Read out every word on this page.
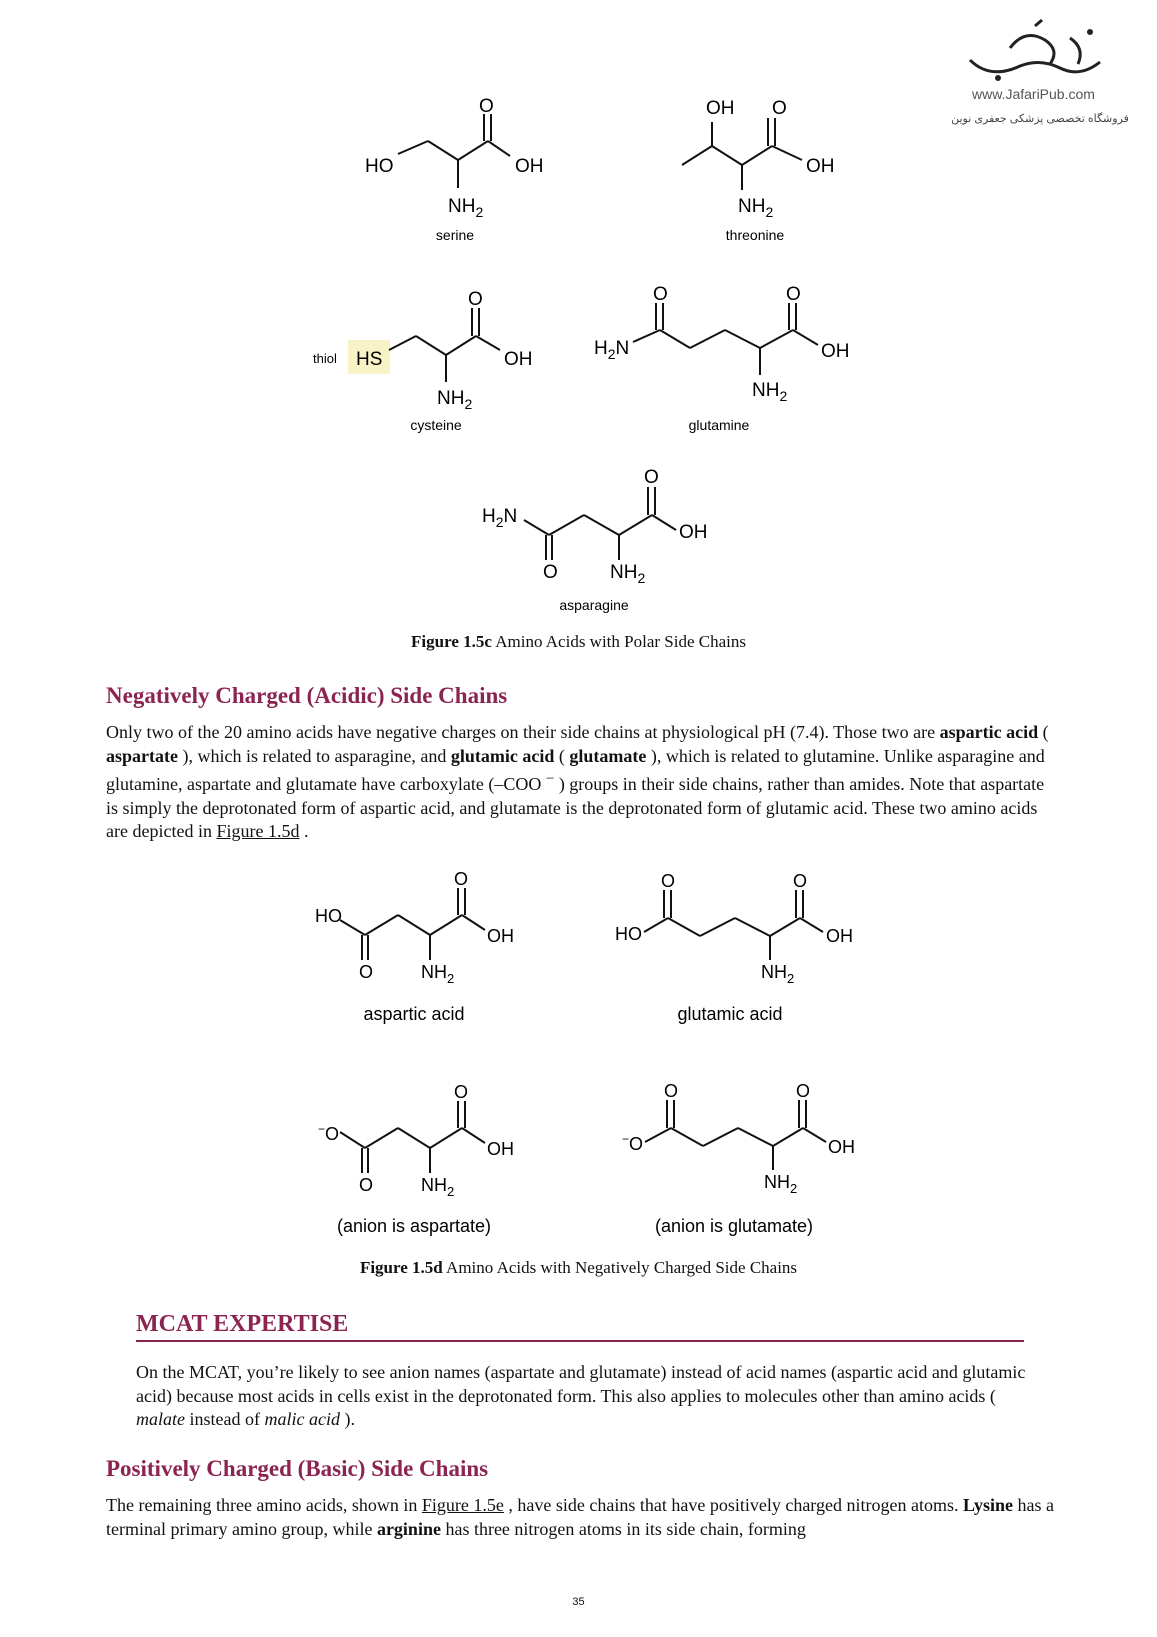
www.JafariPub.com
فروشگاه تخصصی پزشکی جعفری نوین
HO
O
OH
$NH_2$
serine
OH O
OH
$NH_2$
threonine
thiol HS
O
OH
$NH_2$
cysteine
$H_2N$
O	O
OH
$NH_2$
glutamine
$H_2N$
O
O
OH
$NH_2$
asparagine
Figure 1.5c Amino Acids with Polar Side Chains
Negatively Charged (Acidic) Side Chains

Only two of the 20 amino acids have negative charges on their side chains at physiological pH (7.4). Those two are aspartic acid ( aspartate ), which is related to asparagine, and glutamic acid ( glutamate ), which is related to glutamine. Unlike asparagine and glutamine, aspartate and glutamate have carboxylate (–COO − ) groups in their side chains, rather than amides. Note that aspartate is simply the deprotonated form of aspartic acid, and glutamate is the deprotonated form of glutamic acid. These two amino acids are depicted in Figure 1.5d .

HO
O
O
OH
$NH_2$
aspartic acid
HO
O	O
OH
$NH_2$
glutamic acid
−O
O
O
OH
$NH_2$
(anion is aspartate)
−O
O	O
OH
$NH_2$
(anion is glutamate)
Figure 1.5d Amino Acids with Negatively Charged Side Chains
MCAT EXPERTISE

On the MCAT, you’re likely to see anion names (aspartate and glutamate) instead of acid names (aspartic acid and glutamic acid) because most acids in cells exist in the deprotonated form. This also applies to molecules other than amino acids ( malate instead of malic acid ).

Positively Charged (Basic) Side Chains

The remaining three amino acids, shown in Figure 1.5e , have side chains that have positively charged nitrogen atoms. Lysine has a terminal primary amino group, while arginine has three nitrogen atoms in its side chain, forming

35
